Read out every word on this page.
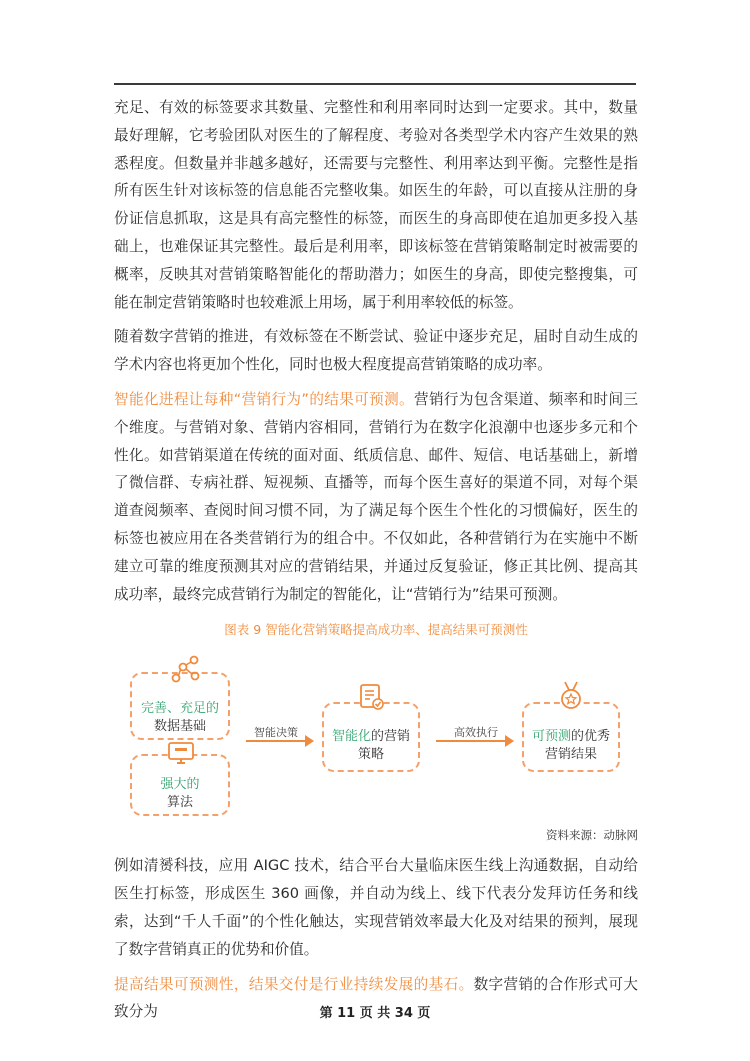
充足、有效的标签要求其数量、完整性和利用率同时达到一定要求。其中，数量最好理解，它考验团队对医生的了解程度、考验对各类型学术内容产生效果的熟悉程度。但数量并非越多越好，还需要与完整性、利用率达到平衡。完整性是指所有医生针对该标签的信息能否完整收集。如医生的年龄，可以直接从注册的身份证信息抓取，这是具有高完整性的标签，而医生的身高即使在追加更多投入基础上，也难保证其完整性。最后是利用率，即该标签在营销策略制定时被需要的概率，反映其对营销策略智能化的帮助潜力；如医生的身高，即使完整搜集，可能在制定营销策略时也较难派上用场，属于利用率较低的标签。

随着数字营销的推进，有效标签在不断尝试、验证中逐步充足，届时自动生成的学术内容也将更加个性化，同时也极大程度提高营销策略的成功率。

智能化进程让每种“营销行为”的结果可预测。营销行为包含渠道、频率和时间三个维度。与营销对象、营销内容相同，营销行为在数字化浪潮中也逐步多元和个性化。如营销渠道在传统的面对面、纸质信息、邮件、短信、电话基础上，新增了微信群、专病社群、短视频、直播等，而每个医生喜好的渠道不同，对每个渠道查阅频率、查阅时间习惯不同，为了满足每个医生个性化的习惯偏好，医生的标签也被应用在各类营销行为的组合中。不仅如此，各种营销行为在实施中不断建立可靠的维度预测其对应的营销结果，并通过反复验证，修正其比例、提高其成功率，最终完成营销行为制定的智能化，让“营销行为”结果可预测。

图表 9 智能化营销策略提高成功率、提高结果可预测性
完善、充足的
数据基础
强大的
算法
智能决策	智能化的营销
策略
高效执行	可预测的优秀
营销结果
资料来源：动脉网

例如清赟科技，应用 AIGC 技术，结合平台大量临床医生线上沟通数据，自动给医生打标签，形成医生 360 画像，并自动为线上、线下代表分发拜访任务和线索，达到“千人千面”的个性化触达，实现营销效率最大化及对结果的预判，展现了数字营销真正的优势和价值。

提高结果可预测性，结果交付是行业持续发展的基石。数字营销的合作形式可大致分为	第 11 页 共 34 页
